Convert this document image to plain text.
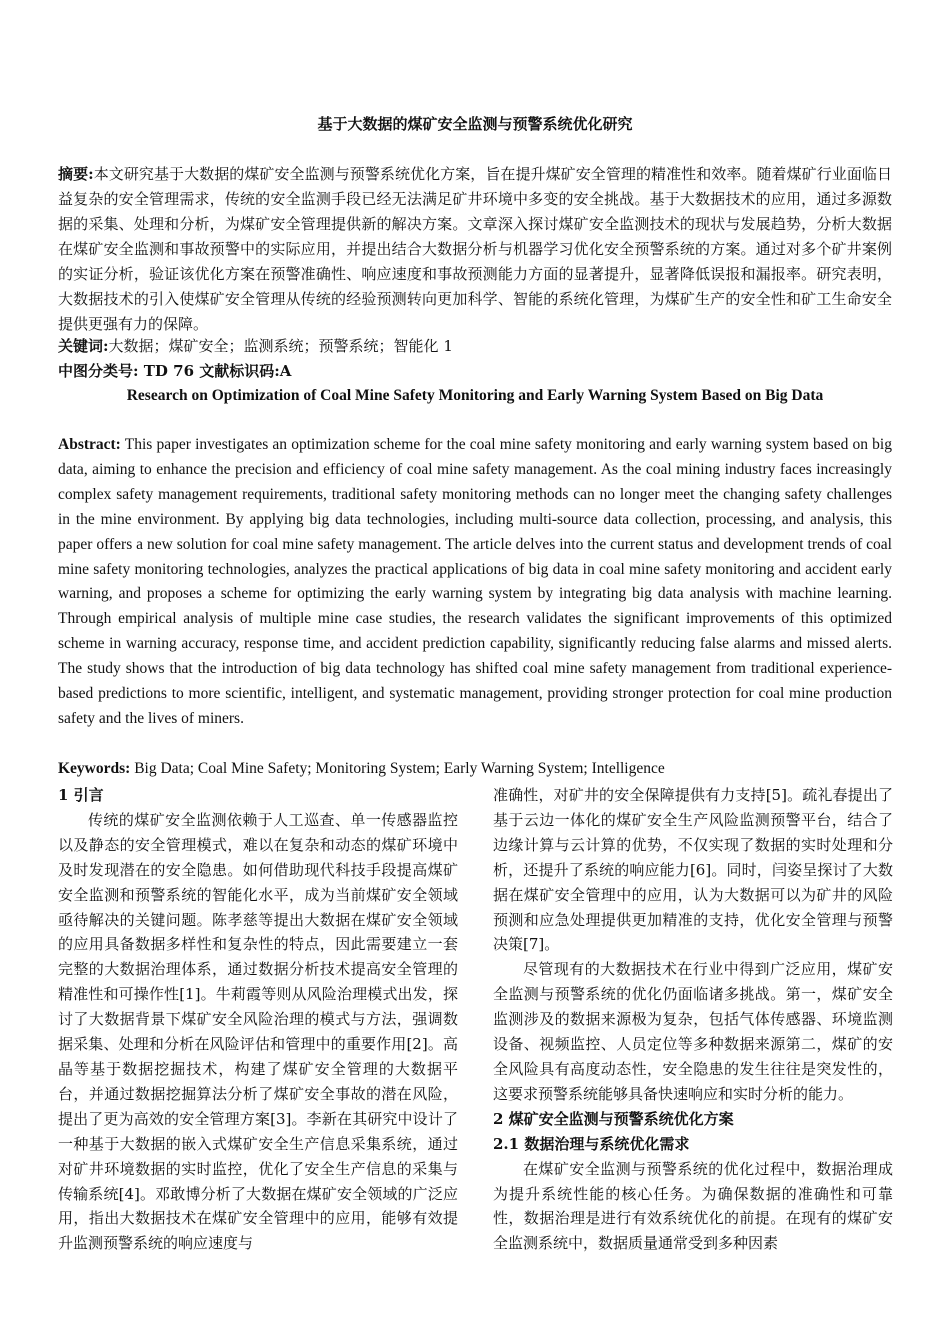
基于大数据的煤矿安全监测与预警系统优化研究
摘要:本文研究基于大数据的煤矿安全监测与预警系统优化方案，旨在提升煤矿安全管理的精准性和效率。随着煤矿行业面临日益复杂的安全管理需求，传统的安全监测手段已经无法满足矿井环境中多变的安全挑战。基于大数据技术的应用，通过多源数据的采集、处理和分析，为煤矿安全管理提供新的解决方案。文章深入探讨煤矿安全监测技术的现状与发展趋势，分析大数据在煤矿安全监测和事故预警中的实际应用，并提出结合大数据分析与机器学习优化安全预警系统的方案。通过对多个矿井案例的实证分析，验证该优化方案在预警准确性、响应速度和事故预测能力方面的显著提升，显著降低误报和漏报率。研究表明，大数据技术的引入使煤矿安全管理从传统的经验预测转向更加科学、智能的系统化管理，为煤矿生产的安全性和矿工生命安全提供更强有力的保障。
关键词:大数据；煤矿安全；监测系统；预警系统；智能化 1
中图分类号: TD 76 文献标识码:A
Research on Optimization of Coal Mine Safety Monitoring and Early Warning System Based on Big Data
Abstract: This paper investigates an optimization scheme for the coal mine safety monitoring and early warning system based on big data, aiming to enhance the precision and efficiency of coal mine safety management. As the coal mining industry faces increasingly complex safety management requirements, traditional safety monitoring methods can no longer meet the changing safety challenges in the mine environment. By applying big data technologies, including multi-source data collection, processing, and analysis, this paper offers a new solution for coal mine safety management. The article delves into the current status and development trends of coal mine safety monitoring technologies, analyzes the practical applications of big data in coal mine safety monitoring and accident early warning, and proposes a scheme for optimizing the early warning system by integrating big data analysis with machine learning. Through empirical analysis of multiple mine case studies, the research validates the significant improvements of this optimized scheme in warning accuracy, response time, and accident prediction capability, significantly reducing false alarms and missed alerts. The study shows that the introduction of big data technology has shifted coal mine safety management from traditional experience-based predictions to more scientific, intelligent, and systematic management, providing stronger protection for coal mine production safety and the lives of miners.
Keywords: Big Data; Coal Mine Safety; Monitoring System; Early Warning System; Intelligence
1 引言

传统的煤矿安全监测依赖于人工巡查、单一传感器监控以及静态的安全管理模式，难以在复杂和动态的煤矿环境中及时发现潜在的安全隐患。如何借助现代科技手段提高煤矿安全监测和预警系统的智能化水平，成为当前煤矿安全领域亟待解决的关键问题。陈孝慈等提出大数据在煤矿安全领域的应用具备数据多样性和复杂性的特点，因此需要建立一套完整的大数据治理体系，通过数据分析技术提高安全管理的精准性和可操作性[1]。牛莉霞等则从风险治理模式出发，探讨了大数据背景下煤矿安全风险治理的模式与方法，强调数据采集、处理和分析在风险评估和管理中的重要作用[2]。高晶等基于数据挖掘技术，构建了煤矿安全管理的大数据平台，并通过数据挖掘算法分析了煤矿安全事故的潜在风险，提出了更为高效的安全管理方案[3]。李新在其研究中设计了一种基于大数据的嵌入式煤矿安全生产信息采集系统，通过对矿井环境数据的实时监控，优化了安全生产信息的采集与传输系统[4]。邓敢博分析了大数据在煤矿安全领域的广泛应用，指出大数据技术在煤矿安全管理中的应用，能够有效提升监测预警系统的响应速度与

准确性，对矿井的安全保障提供有力支持[5]。疏礼春提出了基于云边一体化的煤矿安全生产风险监测预警平台，结合了边缘计算与云计算的优势，不仅实现了数据的实时处理和分析，还提升了系统的响应能力[6]。同时，闫姿呈探讨了大数据在煤矿安全管理中的应用，认为大数据可以为矿井的风险预测和应急处理提供更加精准的支持，优化安全管理与预警决策[7]。

尽管现有的大数据技术在行业中得到广泛应用，煤矿安全监测与预警系统的优化仍面临诸多挑战。第一，煤矿安全监测涉及的数据来源极为复杂，包括气体传感器、环境监测设备、视频监控、人员定位等多种数据来源第二，煤矿的安全风险具有高度动态性，安全隐患的发生往往是突发性的，这要求预警系统能够具备快速响应和实时分析的能力。

2 煤矿安全监测与预警系统优化方案
2.1 数据治理与系统优化需求

在煤矿安全监测与预警系统的优化过程中，数据治理成为提升系统性能的核心任务。为确保数据的准确性和可靠性，数据治理是进行有效系统优化的前提。在现有的煤矿安全监测系统中，数据质量通常受到多种因素
